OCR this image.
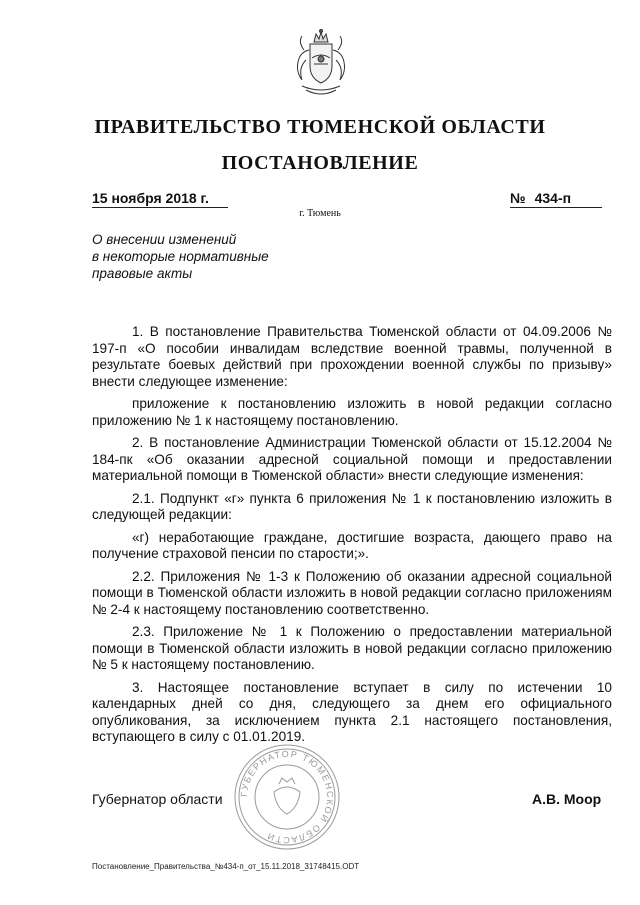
ПРАВИТЕЛЬСТВО ТЮМЕНСКОЙ ОБЛАСТИ
ПОСТАНОВЛЕНИЕ
15 ноября 2018 г.	№ 434-п
г. Тюмень
О внесении изменений
в некоторые нормативные
правовые акты

1. В постановление Правительства Тюменской области от 04.09.2006 № 197-п «О пособии инвалидам вследствие военной травмы, полученной в результате боевых действий при прохождении военной службы по призыву» внести следующее изменение:

приложение к постановлению изложить в новой редакции согласно приложению № 1 к настоящему постановлению.

2. В постановление Администрации Тюменской области от 15.12.2004 № 184-пк «Об оказании адресной социальной помощи и предоставлении материальной помощи в Тюменской области» внести следующие изменения:

2.1. Подпункт «г» пункта 6 приложения № 1 к постановлению изложить в следующей редакции:

«г) неработающие граждане, достигшие возраста, дающего право на получение страховой пенсии по старости;».

2.2. Приложения № 1-3 к Положению об оказании адресной социальной помощи в Тюменской области изложить в новой редакции согласно приложениям № 2-4 к настоящему постановлению соответственно.

2.3. Приложение № 1 к Положению о предоставлении материальной помощи в Тюменской области изложить в новой редакции согласно приложению № 5 к настоящему постановлению.

3. Настоящее постановление вступает в силу по истечении 10 календарных дней со дня, следующего за днем его официального опубликования, за исключением пункта 2.1 настоящего постановления, вступающего в силу с 01.01.2019.

ГУБЕРНАТОР ТЮМЕНСКОЙ ОБЛАСТИ
Губернатор области	А.В. Моор
Постановление_Правительства_№434-п_от_15.11.2018_31748415.ODT
